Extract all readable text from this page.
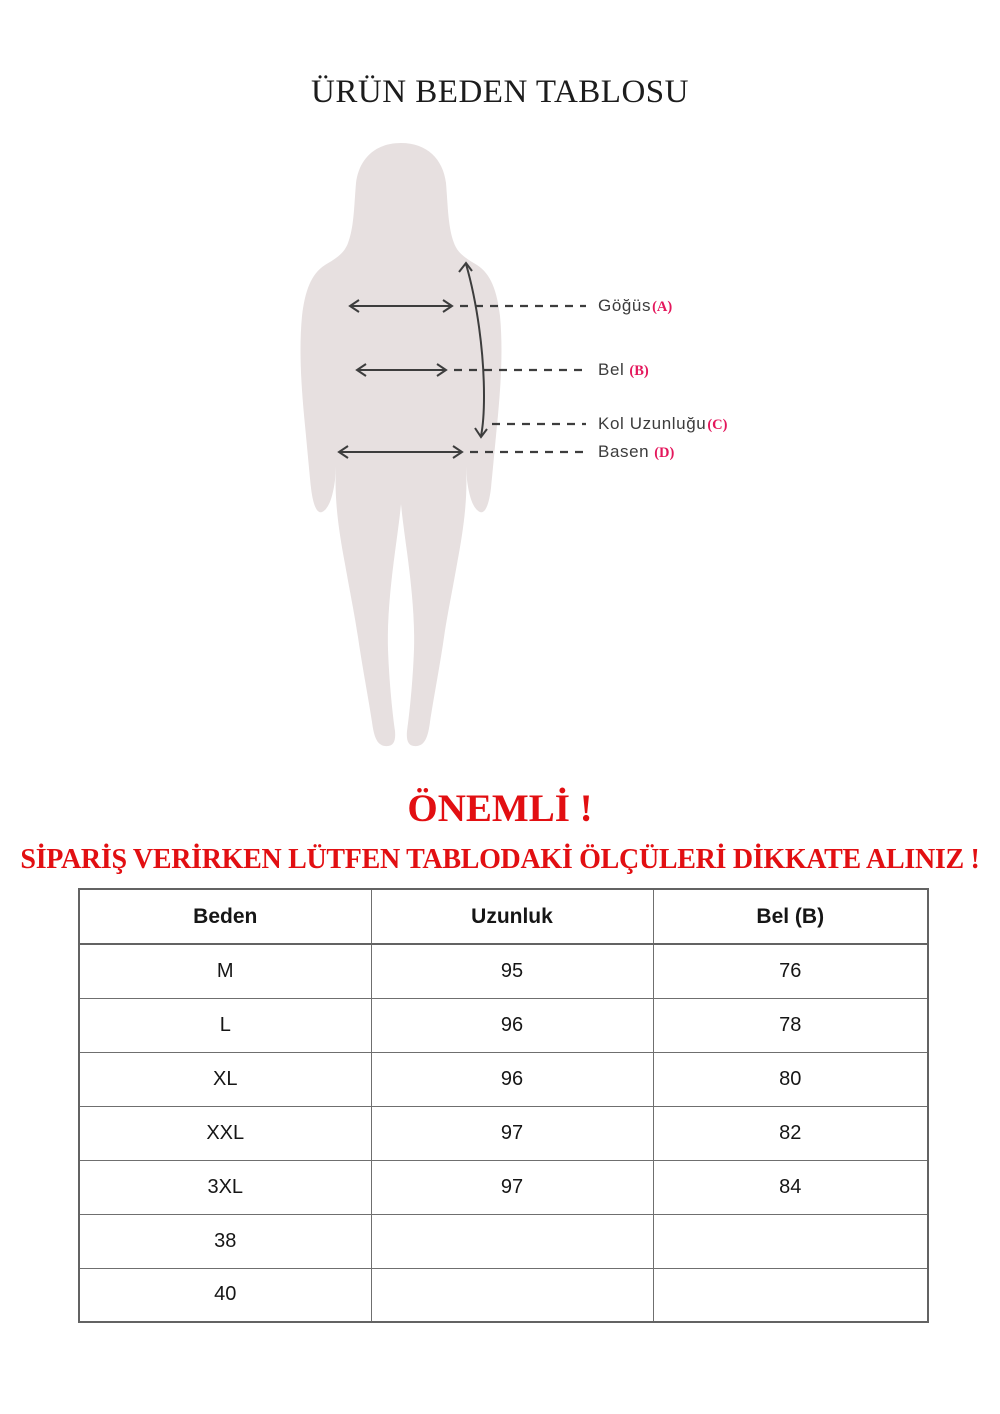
ÜRÜN BEDEN TABLOSU
Göğüs(A)
Bel (B)
Kol Uzunluğu(C)
Basen (D)
ÖNEMLİ !
SİPARİŞ VERİRKEN LÜTFEN TABLODAKİ ÖLÇÜLERİ DİKKATE ALINIZ !
Beden	Uzunluk	Bel (B)
M	95	76
L	96	78
XL	96	80
XXL	97	82
3XL	97	84
38		
40		
